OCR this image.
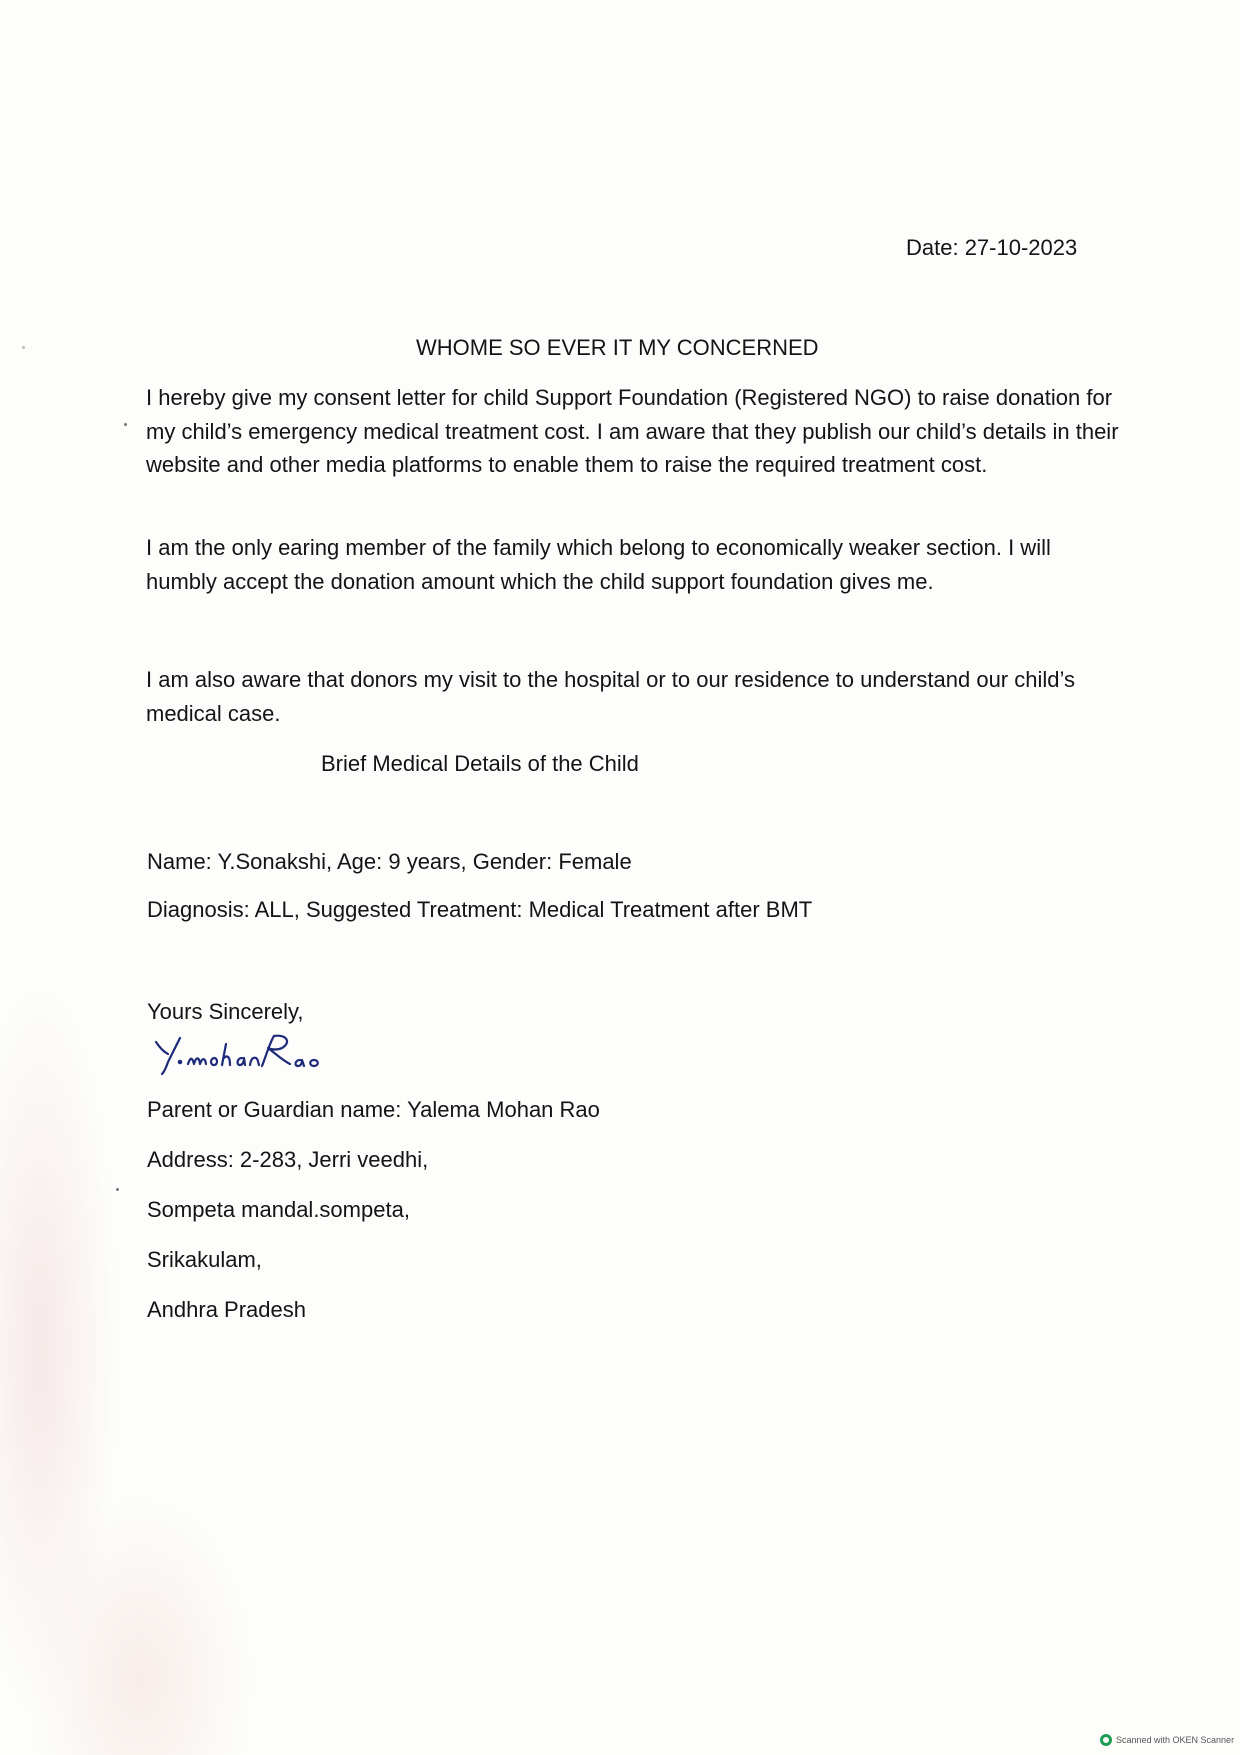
Date: 27-10-2023
WHOME SO EVER IT MY CONCERNED

I hereby give my consent letter for child Support Foundation (Registered NGO) to raise donation for my child’s emergency medical treatment cost. I am aware that they publish our child’s details in their website and other media platforms to enable them to raise the required treatment cost.

I am the only earing member of the family which belong to economically weaker section. I will humbly accept the donation amount which the child support foundation gives me.

I am also aware that donors my visit to the hospital or to our residence to understand our child’s medical case.

Brief Medical Details of the Child
Name: Y.Sonakshi, Age: 9 years, Gender: Female
Diagnosis: ALL, Suggested Treatment: Medical Treatment after BMT
Yours Sincerely,
Parent or Guardian name: Yalema Mohan Rao
Address: 2-283, Jerri veedhi,
Sompeta mandal.sompeta,
Srikakulam,
Andhra Pradesh
Scanned with OKEN Scanner
